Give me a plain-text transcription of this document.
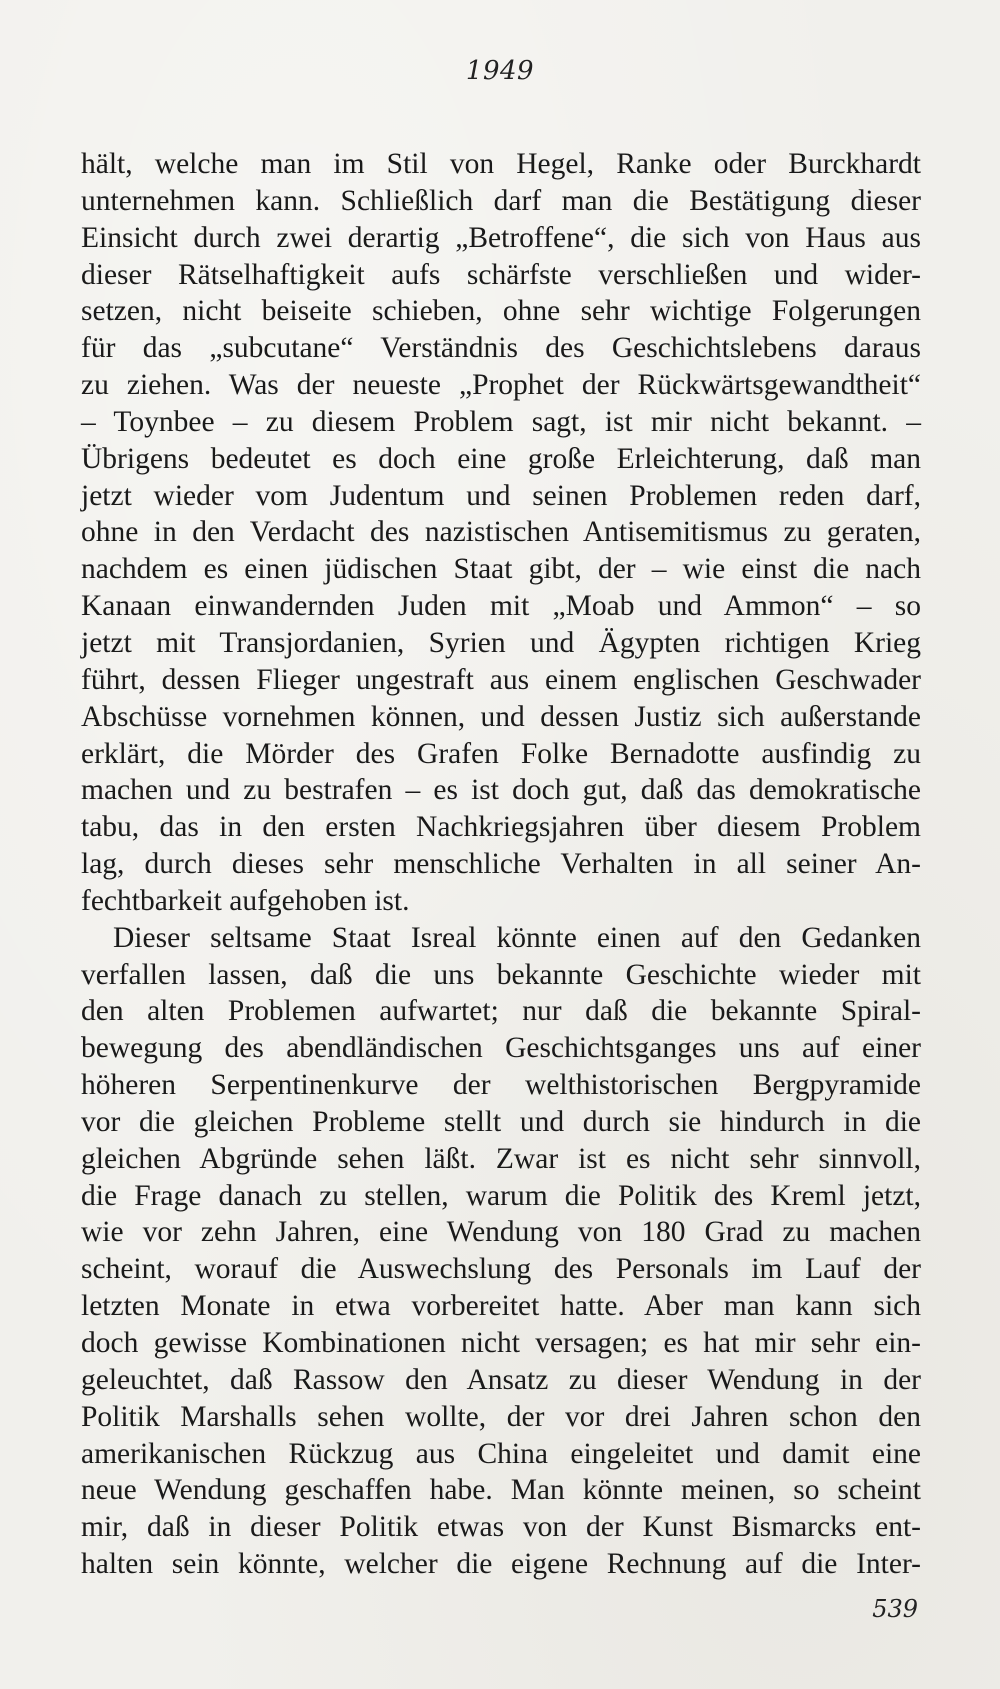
1949
hält, welche man im Stil von Hegel, Ranke oder Burckhardt
unternehmen kann. Schließlich darf man die Bestätigung dieser
Einsicht durch zwei derartig „Betroffene“, die sich von Haus aus
dieser Rätselhaftigkeit aufs schärfste verschließen und wider-
setzen, nicht beiseite schieben, ohne sehr wichtige Folgerungen
für das „subcutane“ Verständnis des Geschichtslebens daraus
zu ziehen. Was der neueste „Prophet der Rückwärtsgewandtheit“
– Toynbee – zu diesem Problem sagt, ist mir nicht bekannt. –
Übrigens bedeutet es doch eine große Erleichterung, daß man
jetzt wieder vom Judentum und seinen Problemen reden darf,
ohne in den Verdacht des nazistischen Antisemitismus zu geraten,
nachdem es einen jüdischen Staat gibt, der – wie einst die nach
Kanaan einwandernden Juden mit „Moab und Ammon“ – so
jetzt mit Transjordanien, Syrien und Ägypten richtigen Krieg
führt, dessen Flieger ungestraft aus einem englischen Geschwader
Abschüsse vornehmen können, und dessen Justiz sich außerstande
erklärt, die Mörder des Grafen Folke Bernadotte ausfindig zu
machen und zu bestrafen – es ist doch gut, daß das demokratische
tabu, das in den ersten Nachkriegsjahren über diesem Problem
lag, durch dieses sehr menschliche Verhalten in all seiner An-
fechtbarkeit aufgehoben ist.
Dieser seltsame Staat Isreal könnte einen auf den Gedanken
verfallen lassen, daß die uns bekannte Geschichte wieder mit
den alten Problemen aufwartet; nur daß die bekannte Spiral-
bewegung des abendländischen Geschichtsganges uns auf einer
höheren Serpentinenkurve der welthistorischen Bergpyramide
vor die gleichen Probleme stellt und durch sie hindurch in die
gleichen Abgründe sehen läßt. Zwar ist es nicht sehr sinnvoll,
die Frage danach zu stellen, warum die Politik des Kreml jetzt,
wie vor zehn Jahren, eine Wendung von 180 Grad zu machen
scheint, worauf die Auswechslung des Personals im Lauf der
letzten Monate in etwa vorbereitet hatte. Aber man kann sich
doch gewisse Kombinationen nicht versagen; es hat mir sehr ein-
geleuchtet, daß Rassow den Ansatz zu dieser Wendung in der
Politik Marshalls sehen wollte, der vor drei Jahren schon den
amerikanischen Rückzug aus China eingeleitet und damit eine
neue Wendung geschaffen habe. Man könnte meinen, so scheint
mir, daß in dieser Politik etwas von der Kunst Bismarcks ent-
halten sein könnte, welcher die eigene Rechnung auf die Inter-
539
